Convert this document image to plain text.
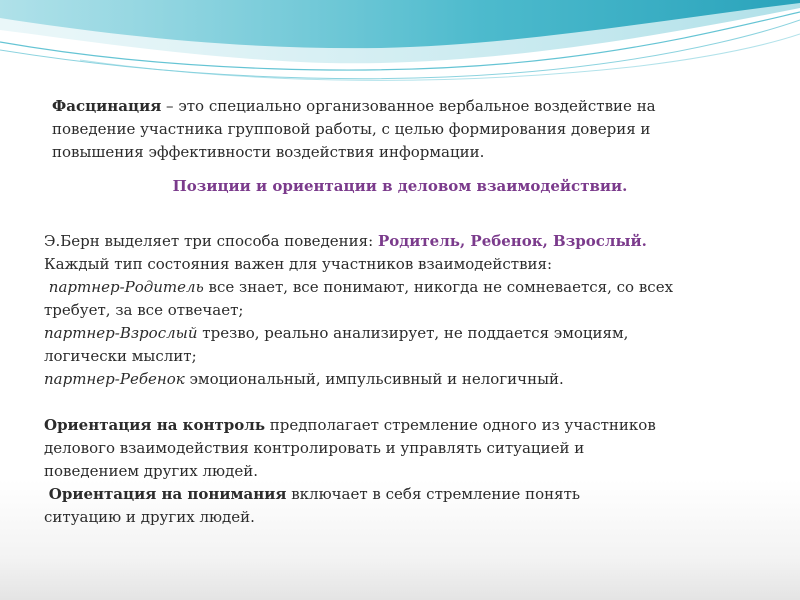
Фасцинация – это специально организованное вербальное воздействие на
поведение участника групповой работы, с целью формирования доверия и
повышения эффективности воздействия информации.
Позиции и ориентации в деловом взаимодействии.
Э.Берн выделяет три способа поведения: Родитель, Ребенок, Взрослый.
Каждый тип состояния важен для участников взаимодействия:
партнер-Родитель все знает, все понимают, никогда не сомневается, со всех
требует, за все отвечает;
партнер-Взрослый трезво, реально анализирует, не поддается эмоциям,
логически мыслит;
партнер-Ребенок эмоциональный, импульсивный и нелогичный.
Ориентация на контроль предполагает стремление одного из участников
делового взаимодействия контролировать и управлять ситуацией и
поведением других людей.
Ориентация на понимания включает в себя стремление понять
ситуацию и других людей.
